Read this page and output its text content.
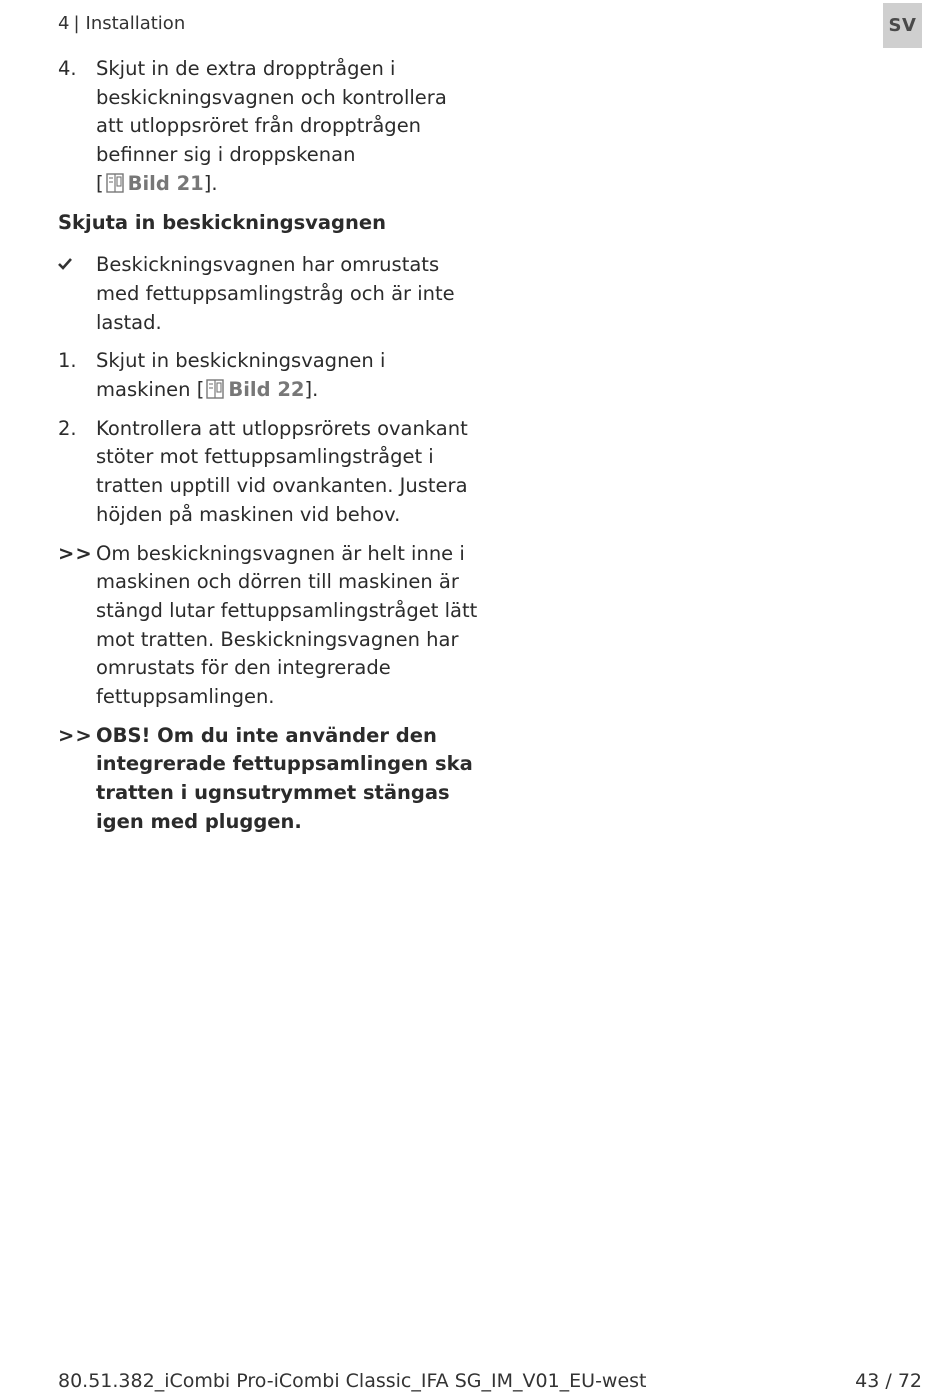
4 | Installation	SV
4. Skjut in de extra dropptrågen i beskickningsvagnen och kontrollera att utloppsröret från dropptrågen befinner sig i droppskenan
[ Bild 21].
Skjuta in beskickningsvagnen
Beskickningsvagnen har omrustats med fettuppsamlingstråg och är inte lastad.
1. Skjut in beskickningsvagnen i maskinen [ Bild 22].
2. Kontrollera att utloppsrörets ovankant stöter mot fettuppsamlingstråget i tratten upptill vid ovankanten. Justera höjden på maskinen vid behov.
>> Om beskickningsvagnen är helt inne i maskinen och dörren till maskinen är stängd lutar fettuppsamlingstråget lätt mot tratten. Beskickningsvagnen har omrustats för den integrerade fettuppsamlingen.
>> OBS! Om du inte använder den integrerade fettuppsamlingen ska tratten i ugnsutrymmet stängas igen med pluggen.
80.51.382_iCombi Pro-iCombi Classic_IFA SG_IM_V01_EU-west	43 / 72
